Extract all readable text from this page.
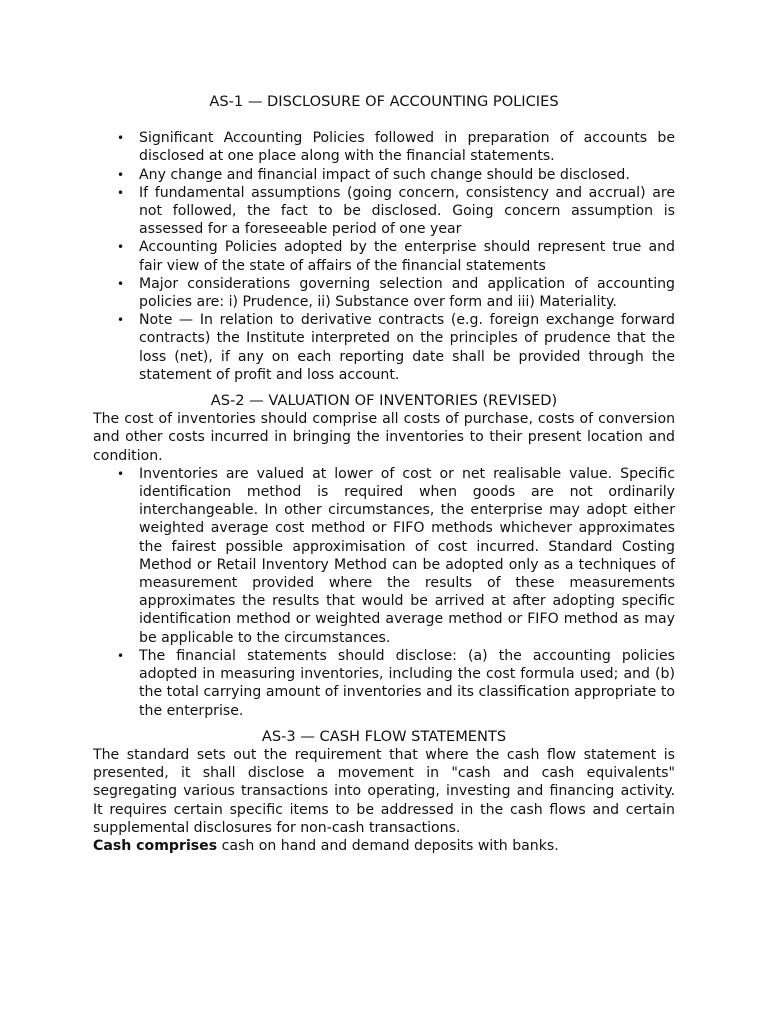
AS-1 — DISCLOSURE OF ACCOUNTING POLICIES
• Significant Accounting Policies followed in preparation of accounts be disclosed at one place along with the financial statements.
• Any change and financial impact of such change should be disclosed.
• If fundamental assumptions (going concern, consistency and accrual) are not followed, the fact to be disclosed. Going concern assumption is assessed for a foreseeable period of one year
• Accounting Policies adopted by the enterprise should represent true and fair view of the state of affairs of the financial statements
• Major considerations governing selection and application of accounting policies are: i) Prudence, ii) Substance over form and iii) Materiality.
• Note — In relation to derivative contracts (e.g. foreign exchange forward contracts) the Institute interpreted on the principles of prudence that the loss (net), if any on each reporting date shall be provided through the statement of profit and loss account.
AS-2 — VALUATION OF INVENTORIES (REVISED)

The cost of inventories should comprise all costs of purchase, costs of conversion and other costs incurred in bringing the inventories to their present location and condition.

• Inventories are valued at lower of cost or net realisable value. Specific identification method is required when goods are not ordinarily interchangeable. In other circumstances, the enterprise may adopt either weighted average cost method or FIFO methods whichever approximates the fairest possible approximisation of cost incurred. Standard Costing Method or Retail Inventory Method can be adopted only as a techniques of measurement provided where the results of these measurements approximates the results that would be arrived at after adopting specific identification method or weighted average method or FIFO method as may be applicable to the circumstances.
• The financial statements should disclose: (a) the accounting policies adopted in measuring inventories, including the cost formula used; and (b) the total carrying amount of inventories and its classification appropriate to the enterprise.
AS-3 — CASH FLOW STATEMENTS

The standard sets out the requirement that where the cash flow statement is presented, it shall disclose a movement in "cash and cash equivalents" segregating various transactions into operating, investing and financing activity. It requires certain specific items to be addressed in the cash flows and certain supplemental disclosures for non-cash transactions.

Cash comprises cash on hand and demand deposits with banks.
